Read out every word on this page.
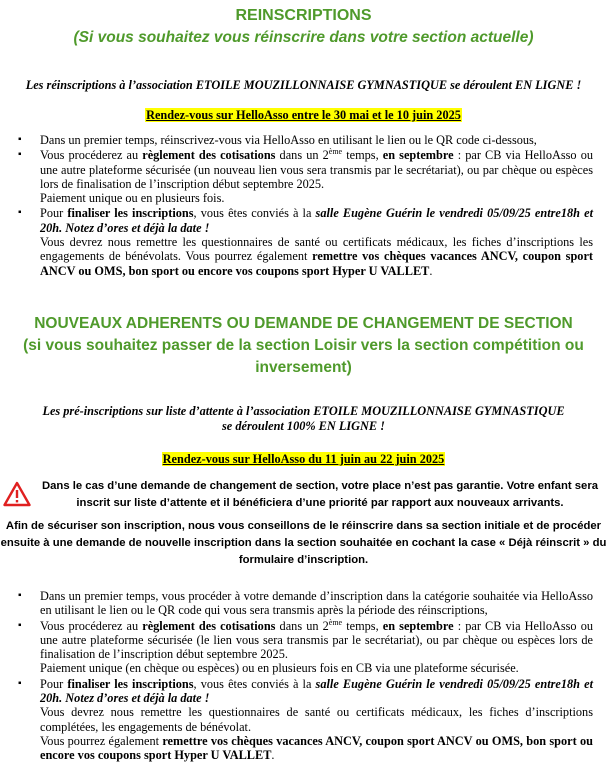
REINSCRIPTIONS
(Si vous souhaitez vous réinscrire dans votre section actuelle)
Les réinscriptions à l’association ETOILE MOUZILLONNAISE GYMNASTIQUE se déroulent EN LIGNE !
Rendez-vous sur HelloAsso entre le 30 mai et le 10 juin 2025
▪	Dans un premier temps, réinscrivez-vous via HelloAsso en utilisant le lien ou le QR code ci-dessous,
▪	Vous procéderez au règlement des cotisations dans un 2ème temps, en septembre : par CB via HelloAsso ou une autre plateforme sécurisée (un nouveau lien vous sera transmis par le secrétariat), ou par chèque ou espèces lors de finalisation de l’inscription début septembre 2025.
Paiement unique ou en plusieurs fois.
▪	Pour finaliser les inscriptions, vous êtes conviés à la salle Eugène Guérin le vendredi 05/09/25 entre18h et 20h. Notez d’ores et déjà la date !
Vous devrez nous remettre les questionnaires de santé ou certificats médicaux, les fiches d’inscriptions les engagements de bénévolats. Vous pourrez également remettre vos chèques vacances ANCV, coupon sport ANCV ou OMS, bon sport ou encore vos coupons sport Hyper U VALLET.
NOUVEAUX ADHERENTS OU DEMANDE DE CHANGEMENT DE SECTION
(si vous souhaitez passer de la section Loisir vers la section compétition ou
inversement)
Les pré-inscriptions sur liste d’attente à l’association ETOILE MOUZILLONNAISE GYMNASTIQUE se déroulent 100% EN LIGNE !
Rendez-vous sur HelloAsso du 11 juin au 22 juin 2025
Dans le cas d’une demande de changement de section, votre place n’est pas garantie. Votre enfant sera inscrit sur liste d’attente et il bénéficiera d’une priorité par rapport aux nouveaux arrivants.
Afin de sécuriser son inscription, nous vous conseillons de le réinscrire dans sa section initiale et de procéder ensuite à une demande de nouvelle inscription dans la section souhaitée en cochant la case « Déjà réinscrit » du formulaire d’inscription.
▪	Dans un premier temps, vous procéder à votre demande d’inscription dans la catégorie souhaitée via HelloAsso en utilisant le lien ou le QR code qui vous sera transmis après la période des réinscriptions,
▪	Vous procéderez au règlement des cotisations dans un 2ème temps, en septembre : par CB via HelloAsso ou une autre plateforme sécurisée (le lien vous sera transmis par le secrétariat), ou par chèque ou espèces lors de finalisation de l’inscription début septembre 2025.
Paiement unique (en chèque ou espèces) ou en plusieurs fois en CB via une plateforme sécurisée.
▪	Pour finaliser les inscriptions, vous êtes conviés à la salle Eugène Guérin le vendredi 05/09/25 entre18h et 20h. Notez d’ores et déjà la date !
Vous devrez nous remettre les questionnaires de santé ou certificats médicaux, les fiches d’inscriptions complétées, les engagements de bénévolat.
Vous pourrez également remettre vos chèques vacances ANCV, coupon sport ANCV ou OMS, bon sport ou encore vos coupons sport Hyper U VALLET.
